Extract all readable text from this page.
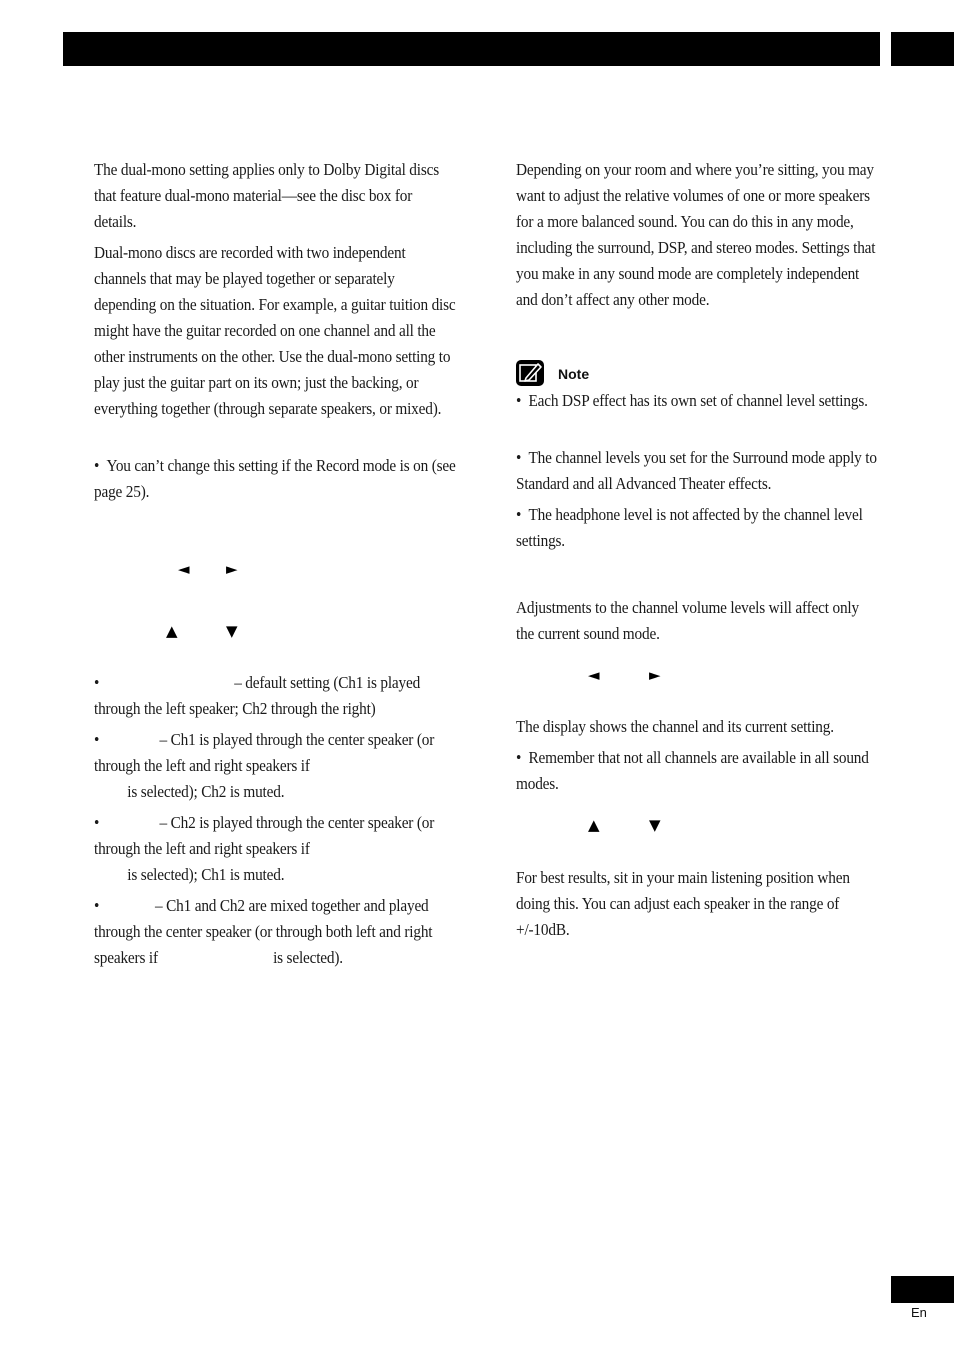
The dual-mono setting applies only to Dolby Digital discs that feature dual-mono material—see the disc box for details.

Dual-mono discs are recorded with two independent channels that may be played together or separately depending on the situation. For example, a guitar tuition disc might have the guitar recorded on one channel and all the other instruments on the other. Use the dual-mono setting to play just the guitar part on its own; just the backing, or everything together (through separate speakers, or mixed).

• You can’t change this setting if the Record mode is on (see page 25).

◄ ►
▲	▼

•	– default setting (Ch1 is played through the left speaker; Ch2 through the right)

•	– Ch1 is played through the center speaker (or through the left and right speakers if
is selected); Ch2 is muted.

•	– Ch2 is played through the center speaker (or through the left and right speakers if
is selected); Ch1 is muted.

•	– Ch1 and Ch2 are mixed together and played through the center speaker (or through both left and right speakers if	is selected).

Depending on your room and where you’re sitting, you may want to adjust the relative volumes of one or more speakers for a more balanced sound. You can do this in any mode, including the surround, DSP, and stereo modes. Settings that you make in any sound mode are completely independent and don’t affect any other mode.

Note

• Each DSP effect has its own set of channel level settings.

• The channel levels you set for the Surround mode apply to Standard and all Advanced Theater effects.

• The headphone level is not affected by the channel level settings.

Adjustments to the channel volume levels will affect only the current sound mode.

◄	►

The display shows the channel and its current setting.

• Remember that not all channels are available in all sound modes.

▲	▼

For best results, sit in your main listening position when doing this. You can adjust each speaker in the range of +/-10dB.

En
